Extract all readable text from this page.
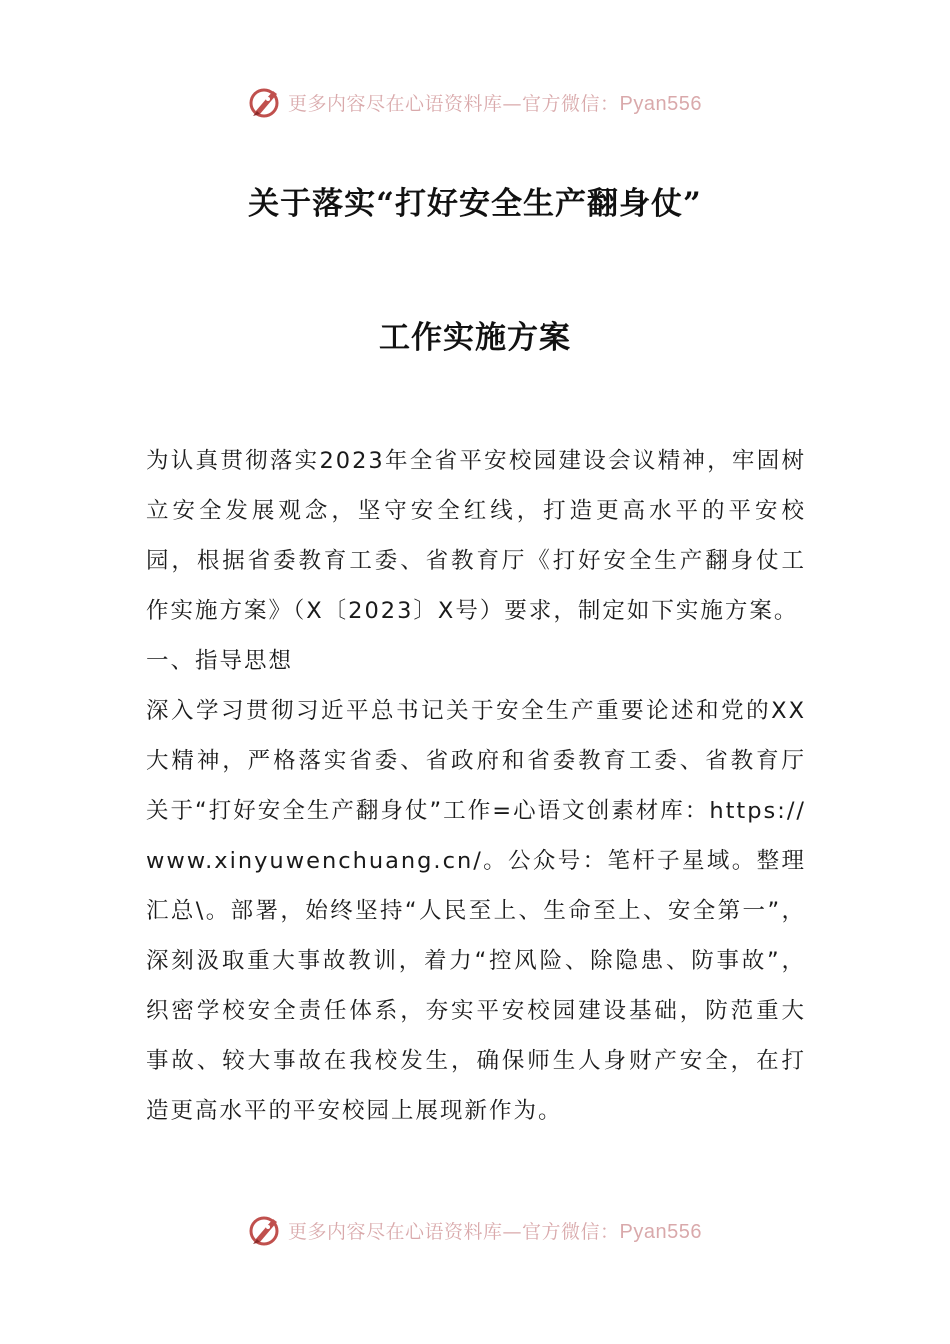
更多内容尽在心语资料库—官方微信：Pyan556
关于落实“打好安全生产翻身仗”
工作实施方案

为认真贯彻落实2023年全省平安校园建设会议精神，牢固树立安全发展观念，坚守安全红线，打造更高水平的平安校园，根据省委教育工委、省教育厅《打好安全生产翻身仗工作实施方案》（X〔2023〕X号）要求，制定如下实施方案。

一、指导思想

深入学习贯彻习近平总书记关于安全生产重要论述和党的XX大精神，严格落实省委、省政府和省委教育工委、省教育厅关于“打好安全生产翻身仗”工作=心语文创素材库：https://www.xinyuwenchuang.cn/。公众号：笔杆子星域。整理汇总\。部署，始终坚持“人民至上、生命至上、安全第一”，深刻汲取重大事故教训，着力“控风险、除隐患、防事故”，织密学校安全责任体系，夯实平安校园建设基础，防范重大事故、较大事故在我校发生，确保师生人身财产安全，在打造更高水平的平安校园上展现新作为。

更多内容尽在心语资料库—官方微信：Pyan556
